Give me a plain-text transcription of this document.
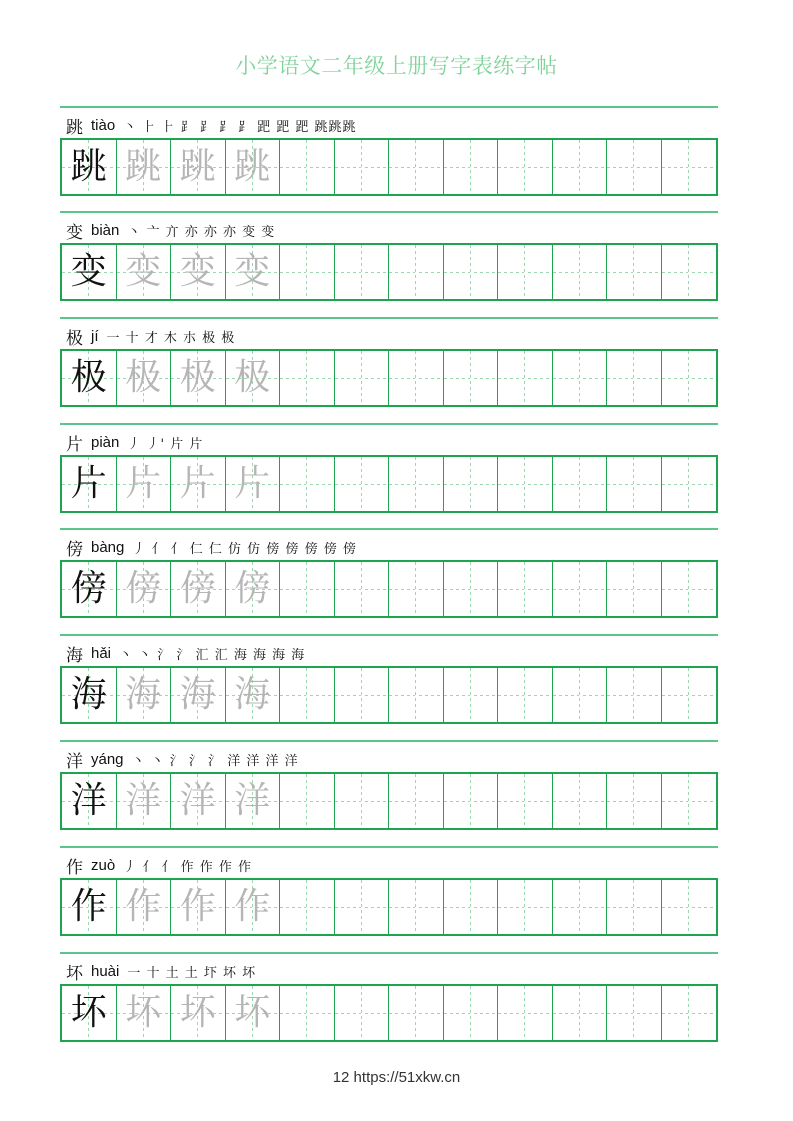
小学语文二年级上册写字表练字帖
跳 tiào 丶 ⺊ ⺊ ⻊ ⻊ ⻊ ⻊ 跁 跁 跁 跳跳跳
跳 跳 跳 跳
变 biàn 丶 亠 亣 亦 亦 亦 变 变
变 变 变 变
极 jí 一 十 才 木 朩 极 极
极 极 极 极
片 piàn 丿 丿' 片 片
片 片 片 片
傍 bàng 丿 亻 亻 仁 仁 仿 仿 傍 傍 傍 傍 傍
傍 傍 傍 傍
海 hǎi 丶 丶 氵 氵 汇 汇 海 海 海 海
海 海 海 海
洋 yáng 丶 丶 氵 氵 氵 洋 洋 洋 洋
洋 洋 洋 洋
作 zuò 丿 亻 亻 作 作 作 作
作 作 作 作
坏 huài 一 十 土 土 圷 坏 坏
坏 坏 坏 坏
12 https://51xkw.cn
